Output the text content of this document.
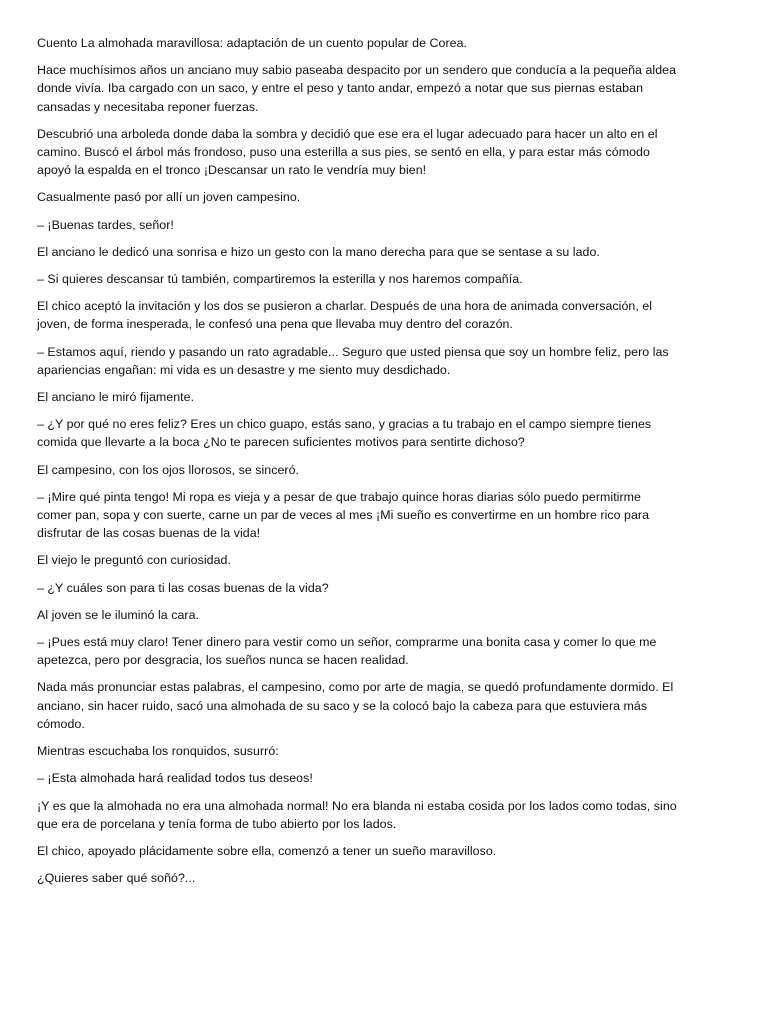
Cuento La almohada maravillosa: adaptación de un cuento popular de Corea.

Hace muchísimos años un anciano muy sabio paseaba despacito por un sendero que conducía a la pequeña aldea donde vivía. Iba cargado con un saco, y entre el peso y tanto andar, empezó a notar que sus piernas estaban cansadas y necesitaba reponer fuerzas.

Descubrió una arboleda donde daba la sombra y decidió que ese era el lugar adecuado para hacer un alto en el camino. Buscó el árbol más frondoso, puso una esterilla a sus pies, se sentó en ella, y para estar más cómodo apoyó la espalda en el tronco ¡Descansar un rato le vendría muy bien!

Casualmente pasó por allí un joven campesino.

– ¡Buenas tardes, señor!

El anciano le dedicó una sonrisa e hizo un gesto con la mano derecha para que se sentase a su lado.

– Si quieres descansar tú también, compartiremos la esterilla y nos haremos compañía.

El chico aceptó la invitación y los dos se pusieron a charlar. Después de una hora de animada conversación, el joven, de forma inesperada, le confesó una pena que llevaba muy dentro del corazón.

– Estamos aquí, riendo y pasando un rato agradable... Seguro que usted piensa que soy un hombre feliz, pero las apariencias engañan: mi vida es un desastre y me siento muy desdichado.

El anciano le miró fijamente.

– ¿Y por qué no eres feliz? Eres un chico guapo, estás sano, y gracias a tu trabajo en el campo siempre tienes comida que llevarte a la boca ¿No te parecen suficientes motivos para sentirte dichoso?

El campesino, con los ojos llorosos, se sinceró.

– ¡Mire qué pinta tengo! Mi ropa es vieja y a pesar de que trabajo quince horas diarias sólo puedo permitirme comer pan, sopa y con suerte, carne un par de veces al mes ¡Mi sueño es convertirme en un hombre rico para disfrutar de las cosas buenas de la vida!

El viejo le preguntó con curiosidad.

– ¿Y cuáles son para ti las cosas buenas de la vida?

Al joven se le iluminó la cara.

– ¡Pues está muy claro! Tener dinero para vestir como un señor, comprarme una bonita casa y comer lo que me apetezca, pero por desgracia, los sueños nunca se hacen realidad.

Nada más pronunciar estas palabras, el campesino, como por arte de magia, se quedó profundamente dormido. El anciano, sin hacer ruido, sacó una almohada de su saco y se la colocó bajo la cabeza para que estuviera más cómodo.

Mientras escuchaba los ronquidos, susurró:

– ¡Esta almohada hará realidad todos tus deseos!

¡Y es que la almohada no era una almohada normal! No era blanda ni estaba cosida por los lados como todas, sino que era de porcelana y tenía forma de tubo abierto por los lados.

El chico, apoyado plácidamente sobre ella, comenzó a tener un sueño maravilloso.

¿Quieres saber qué soñó?...
